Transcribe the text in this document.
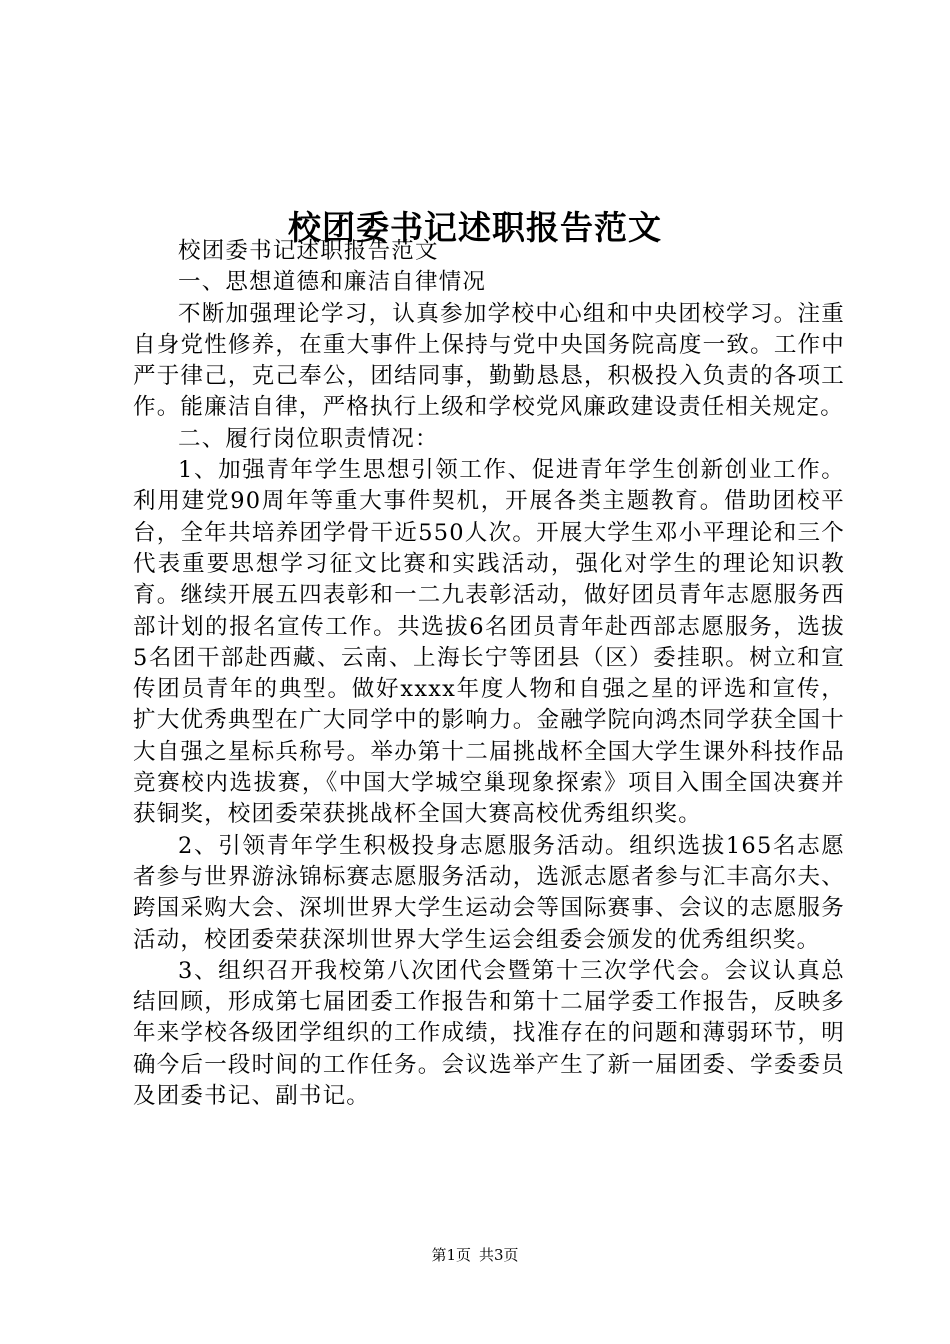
校团委书记述职报告范文

校团委书记述职报告范文

一、思想道德和廉洁自律情况

不断加强理论学习，认真参加学校中心组和中央团校学习。注重自身党性修养，在重大事件上保持与党中央国务院高度一致。工作中严于律己，克己奉公，团结同事，勤勤恳恳，积极投入负责的各项工作。能廉洁自律，严格执行上级和学校党风廉政建设责任相关规定。

二、履行岗位职责情况：

1、加强青年学生思想引领工作、促进青年学生创新创业工作。利用建党90周年等重大事件契机，开展各类主题教育。借助团校平台，全年共培养团学骨干近550人次。开展大学生邓小平理论和三个代表重要思想学习征文比赛和实践活动，强化对学生的理论知识教育。继续开展五四表彰和一二九表彰活动，做好团员青年志愿服务西部计划的报名宣传工作。共选拔6名团员青年赴西部志愿服务，选拔5名团干部赴西藏、云南、上海长宁等团县（区）委挂职。树立和宣传团员青年的典型。做好xxxx年度人物和自强之星的评选和宣传，扩大优秀典型在广大同学中的影响力。金融学院向鸿杰同学获全国十大自强之星标兵称号。举办第十二届挑战杯全国大学生课外科技作品竞赛校内选拔赛，《中国大学城空巢现象探索》项目入围全国决赛并获铜奖，校团委荣获挑战杯全国大赛高校优秀组织奖。

2、引领青年学生积极投身志愿服务活动。组织选拔165名志愿者参与世界游泳锦标赛志愿服务活动，选派志愿者参与汇丰高尔夫、跨国采购大会、深圳世界大学生运动会等国际赛事、会议的志愿服务活动，校团委荣获深圳世界大学生运会组委会颁发的优秀组织奖。

3、组织召开我校第八次团代会暨第十三次学代会。会议认真总结回顾，形成第七届团委工作报告和第十二届学委工作报告，反映多年来学校各级团学组织的工作成绩，找准存在的问题和薄弱环节，明确今后一段时间的工作任务。会议选举产生了新一届团委、学委委员及团委书记、副书记。

第1页 共3页
